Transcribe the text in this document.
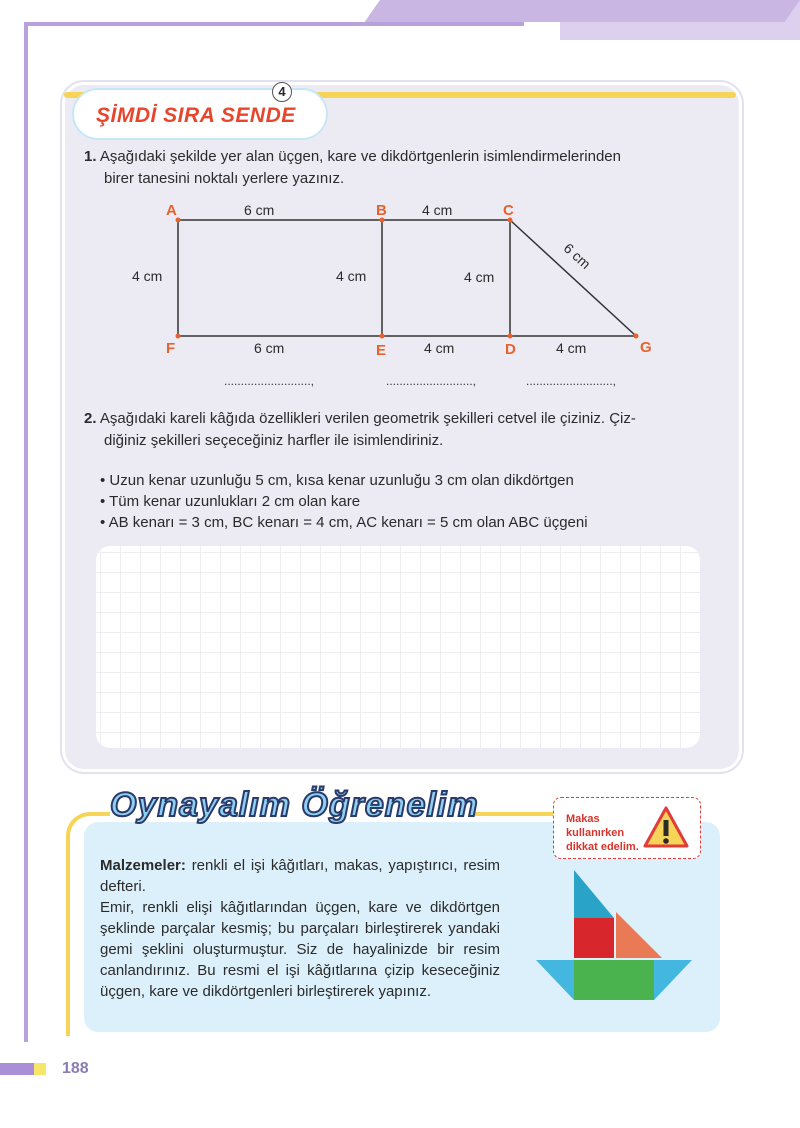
ŞİMDİ SIRA SENDE
4
1. Aşağıdaki şekilde yer alan üçgen, kare ve dikdörtgenlerin isimlendirmelerinden
birer tanesini noktalı yerlere yazınız.
A	B	C
D
E
F	G
6 cm	4 cm
4 cm	4 cm	4 cm
6 cm
6 cm	4 cm	4 cm
..........................,	..........................,	..........................,
2. Aşağıdaki kareli kâğıda özellikleri verilen geometrik şekilleri cetvel ile çiziniz. Çiz-
diğiniz şekilleri seçeceğiniz harfler ile isimlendiriniz.
• Uzun kenar uzunluğu 5 cm, kısa kenar uzunluğu 3 cm olan dikdörtgen
• Tüm kenar uzunlukları 2 cm olan kare
• AB kenarı = 3 cm, BC kenarı = 4 cm, AC kenarı = 5 cm olan ABC üçgeni
Oynayalım Öğrenelim	Makas kullanırken
dikkat edelim.
Malzemeler: renkli el işi kâğıtları, makas, yapıştırıcı, resim defteri.
Emir, renkli elişi kâğıtlarından üçgen, kare ve dikdörtgen şeklinde parçalar kesmiş; bu parçaları birleştirerek yandaki gemi şeklini oluşturmuştur. Siz de hayalinizde bir resim canlandırınız. Bu resmi el işi kâğıtlarına çizip keseceğiniz üçgen, kare ve dikdörtgenleri birleştirerek yapınız.
188
